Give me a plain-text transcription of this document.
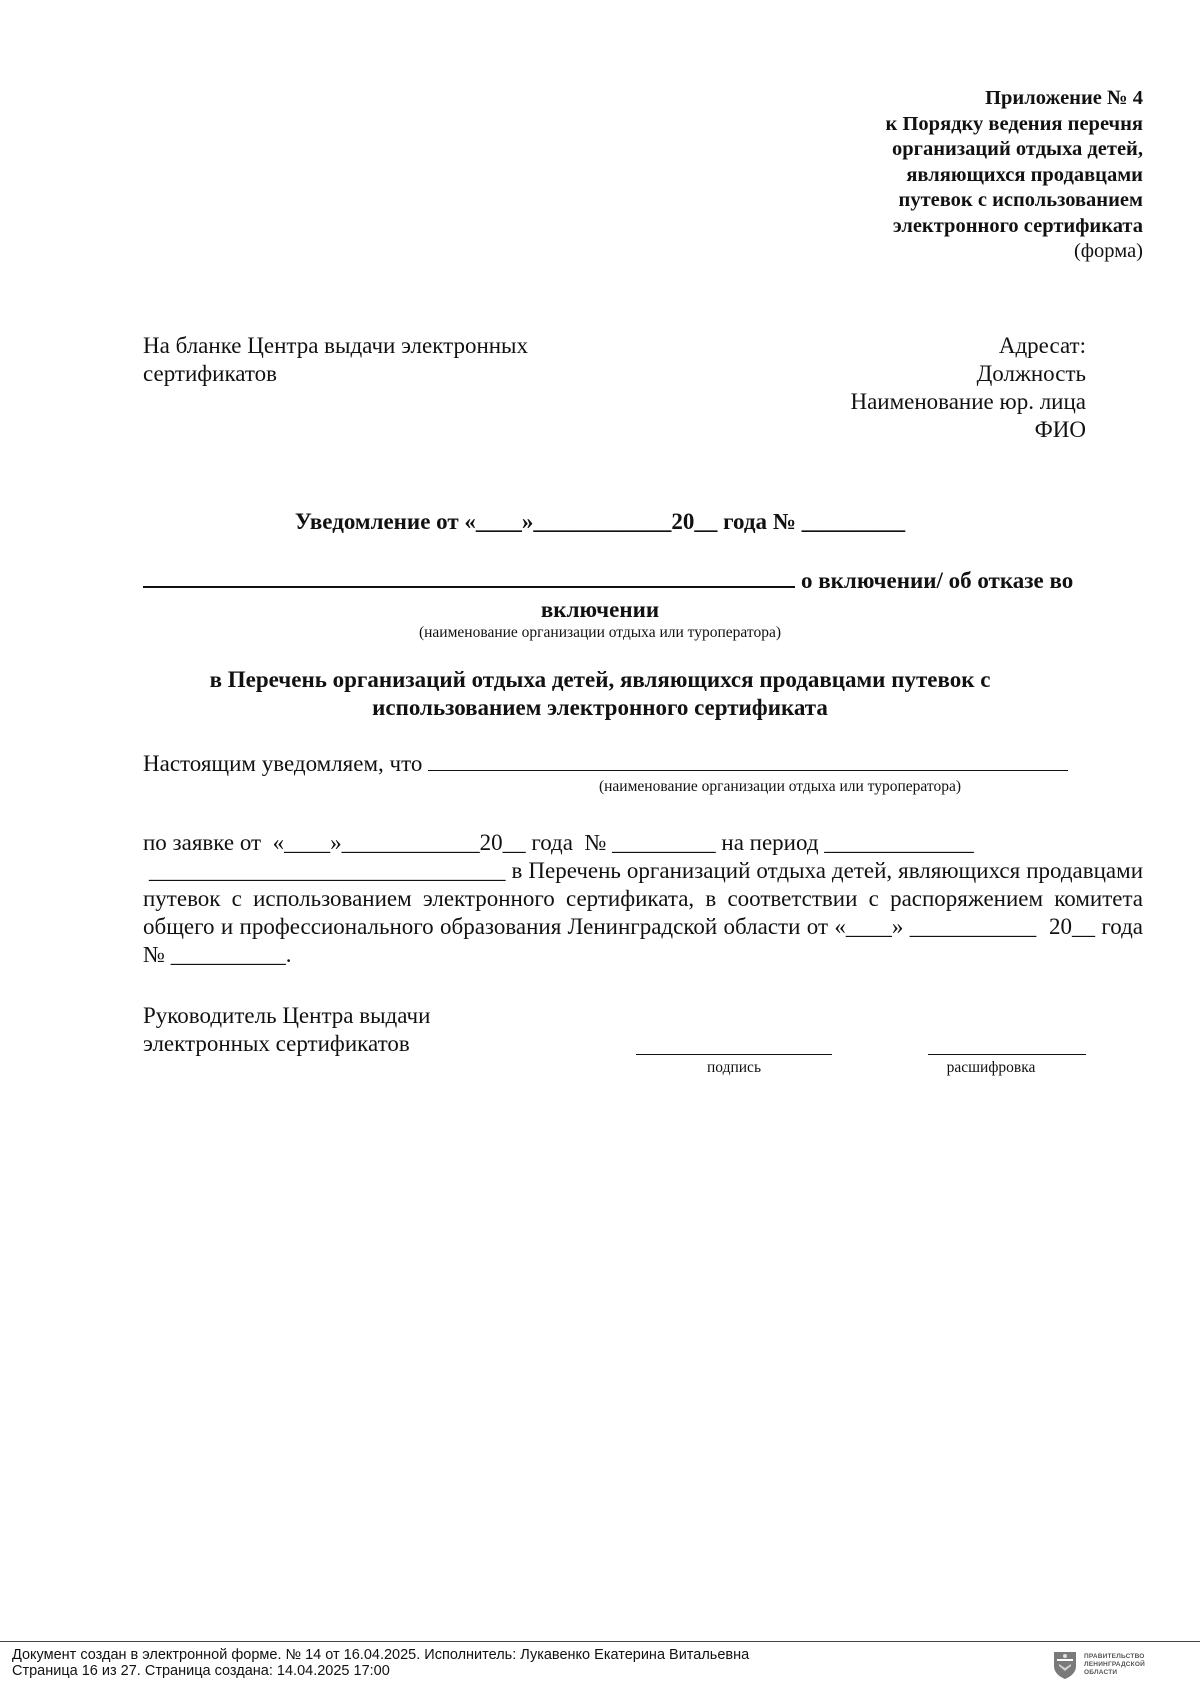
Приложение № 4
к Порядку ведения перечня
организаций отдыха детей,
являющихся продавцами
путевок с использованием
электронного сертификата
(форма)
На бланке Центра выдачи электронных
сертификатов
Адресат:
Должность
Наименование юр. лица
ФИО
Уведомление от «____»____________20__ года № _________
о включении/ об отказе во
включении
(наименование организации отдыха или туроператора)
в Перечень организаций отдыха детей, являющихся продавцами путевок с
использованием электронного сертификата
Настоящим уведомляем, что
(наименование организации отдыха или туроператора)
по заявке от  «____»____________20__ года  № _________ на период _____________
_______________________________ в Перечень организаций отдыха детей, являющихся продавцами путевок с использованием электронного сертификата, в соответствии с распоряжением комитета общего и профессионального образования Ленинградской области от «____» ___________  20__ года  № __________.
Руководитель Центра выдачи
электронных сертификатов
подпись	расшифровка
Документ создан в электронной форме. № 14 от 16.04.2025. Исполнитель: Лукавенко Екатерина Витальевна
Страница 16 из 27. Страница создана: 14.04.2025 17:00
ПРАВИТЕЛЬСТВО
ЛЕНИНГРАДСКОЙ
ОБЛАСТИ
